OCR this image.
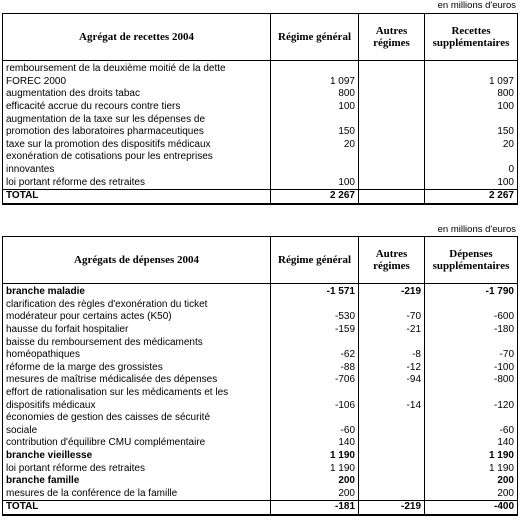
en millions d'euros
Agrégat de recettes 2004	Régime général	Autres régimes	Recettes supplémentaires
remboursement de la deuxième moitié de la dette			
FOREC 2000	1 097		1 097
augmentation des droits tabac	800		800
efficacité accrue du recours contre tiers	100		100
augmentation de la taxe sur les dépenses de			
promotion des laboratoires pharmaceutiques	150		150
taxe sur la promotion des dispositifs médicaux	20		20
exonération de cotisations pour les entreprises			
innovantes			0
loi portant réforme des retraites	100		100
TOTAL	2 267		2 267
en millions d'euros
Agrégats de dépenses 2004	Régime général	Autres régimes	Dépenses supplémentaires
branche maladie	-1 571	-219	-1 790
clarification des règles d'exonération du ticket			
modérateur pour certains actes (K50)	-530	-70	-600
hausse du forfait hospitalier	-159	-21	-180
baisse du remboursement des médicaments			
homéopathiques	-62	-8	-70
réforme de la marge des grossistes	-88	-12	-100
mesures de maîtrise médicalisée des dépenses	-706	-94	-800
effort de rationalisation sur les médicaments et les			
dispositifs médicaux	-106	-14	-120
économies de gestion des caisses de sécurité			
sociale	-60		-60
contribution d'équilibre CMU complémentaire	140		140
branche vieillesse	1 190		1 190
loi portant réforme des retraites	1 190		1 190
branche famille	200		200
mesures de la conférence de la famille	200		200
TOTAL	-181	-219	-400
